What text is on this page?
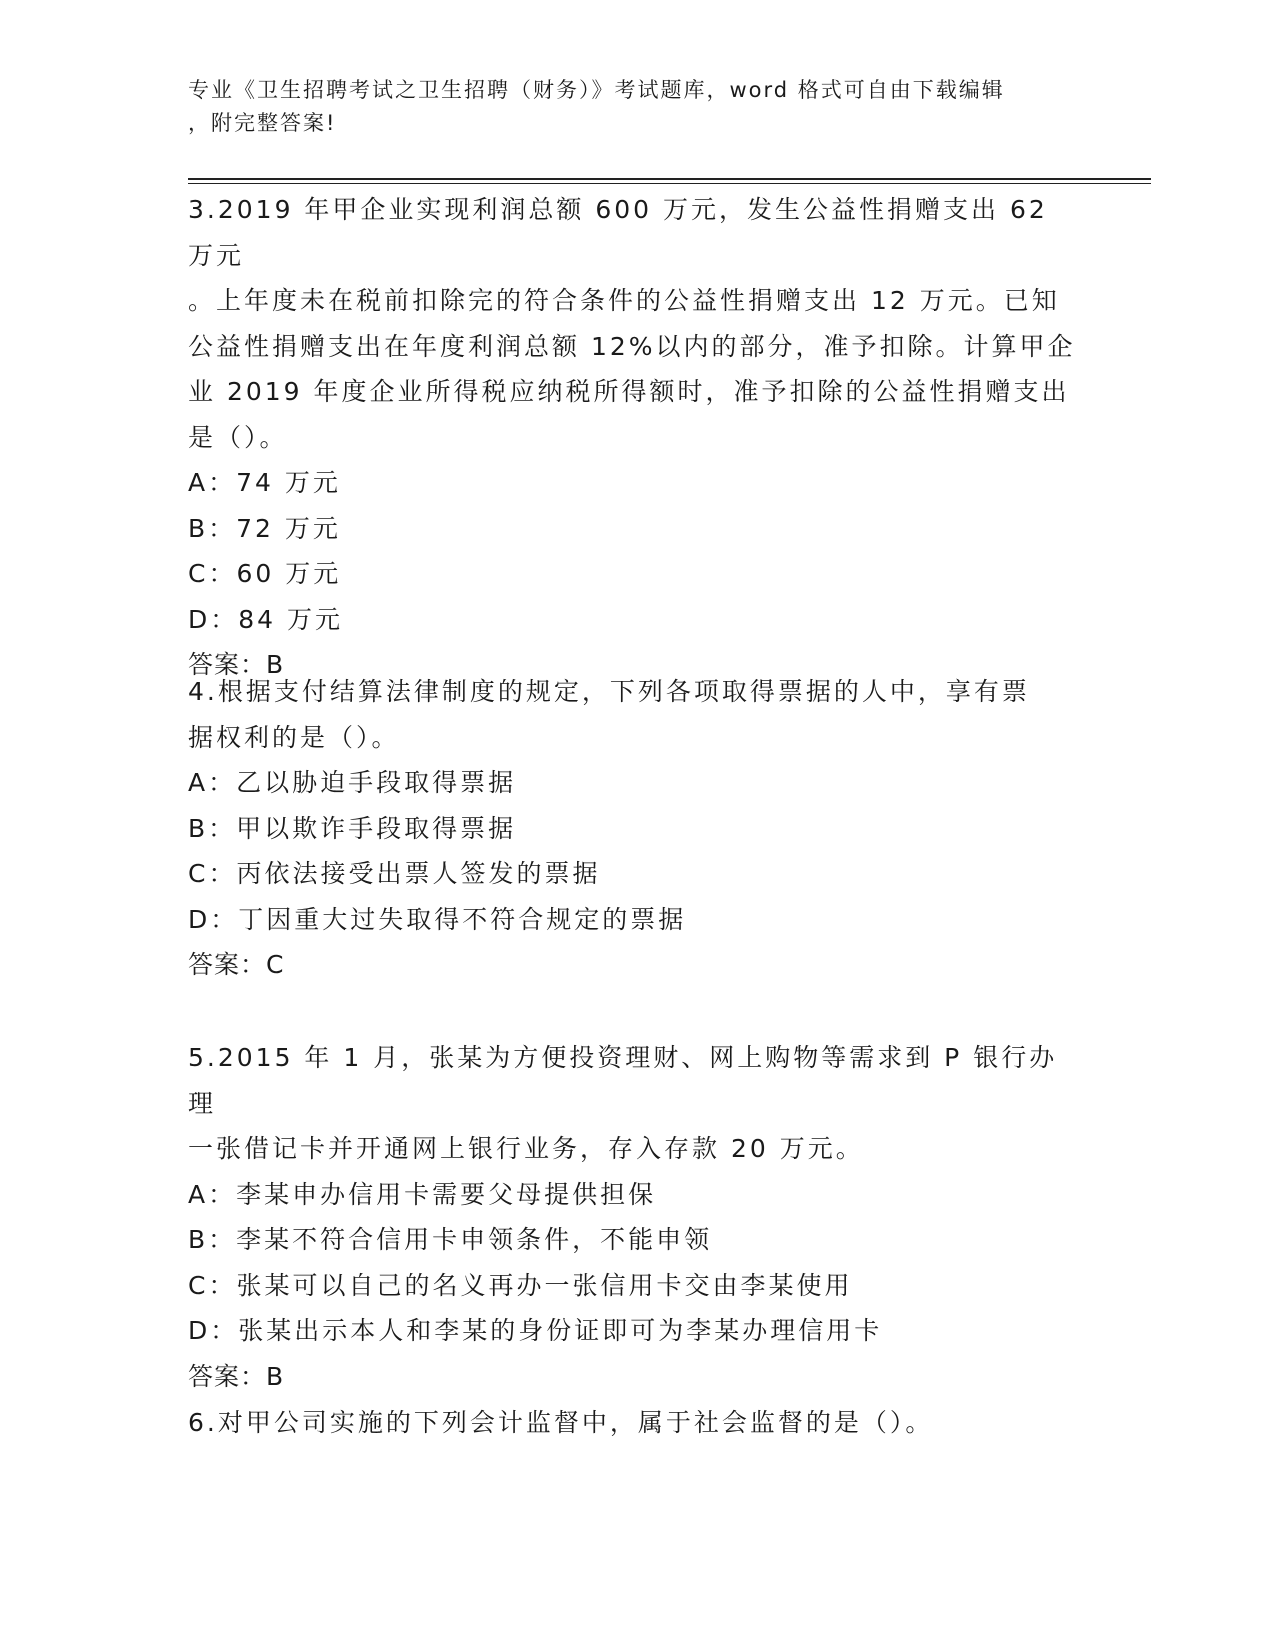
专业《卫生招聘考试之卫生招聘（财务）》考试题库，word 格式可自由下载编辑
，附完整答案!

3.2019 年甲企业实现利润总额 600 万元，发生公益性捐赠支出 62 万元

。上年度未在税前扣除完的符合条件的公益性捐赠支出 12 万元。已知

公益性捐赠支出在年度利润总额 12%以内的部分，准予扣除。计算甲企

业 2019 年度企业所得税应纳税所得额时，准予扣除的公益性捐赠支出

是（）。

A：74 万元

B：72 万元

C：60 万元

D：84 万元

答案：B

4.根据支付结算法律制度的规定，下列各项取得票据的人中，享有票

据权利的是（）。

A：乙以胁迫手段取得票据

B：甲以欺诈手段取得票据

C：丙依法接受出票人签发的票据

D：丁因重大过失取得不符合规定的票据

答案：C

5.2015 年 1 月，张某为方便投资理财、网上购物等需求到 P 银行办理

一张借记卡并开通网上银行业务，存入存款 20 万元。

A：李某申办信用卡需要父母提供担保

B：李某不符合信用卡申领条件，不能申领

C：张某可以自己的名义再办一张信用卡交由李某使用

D：张某出示本人和李某的身份证即可为李某办理信用卡

答案：B

6.对甲公司实施的下列会计监督中，属于社会监督的是（）。
